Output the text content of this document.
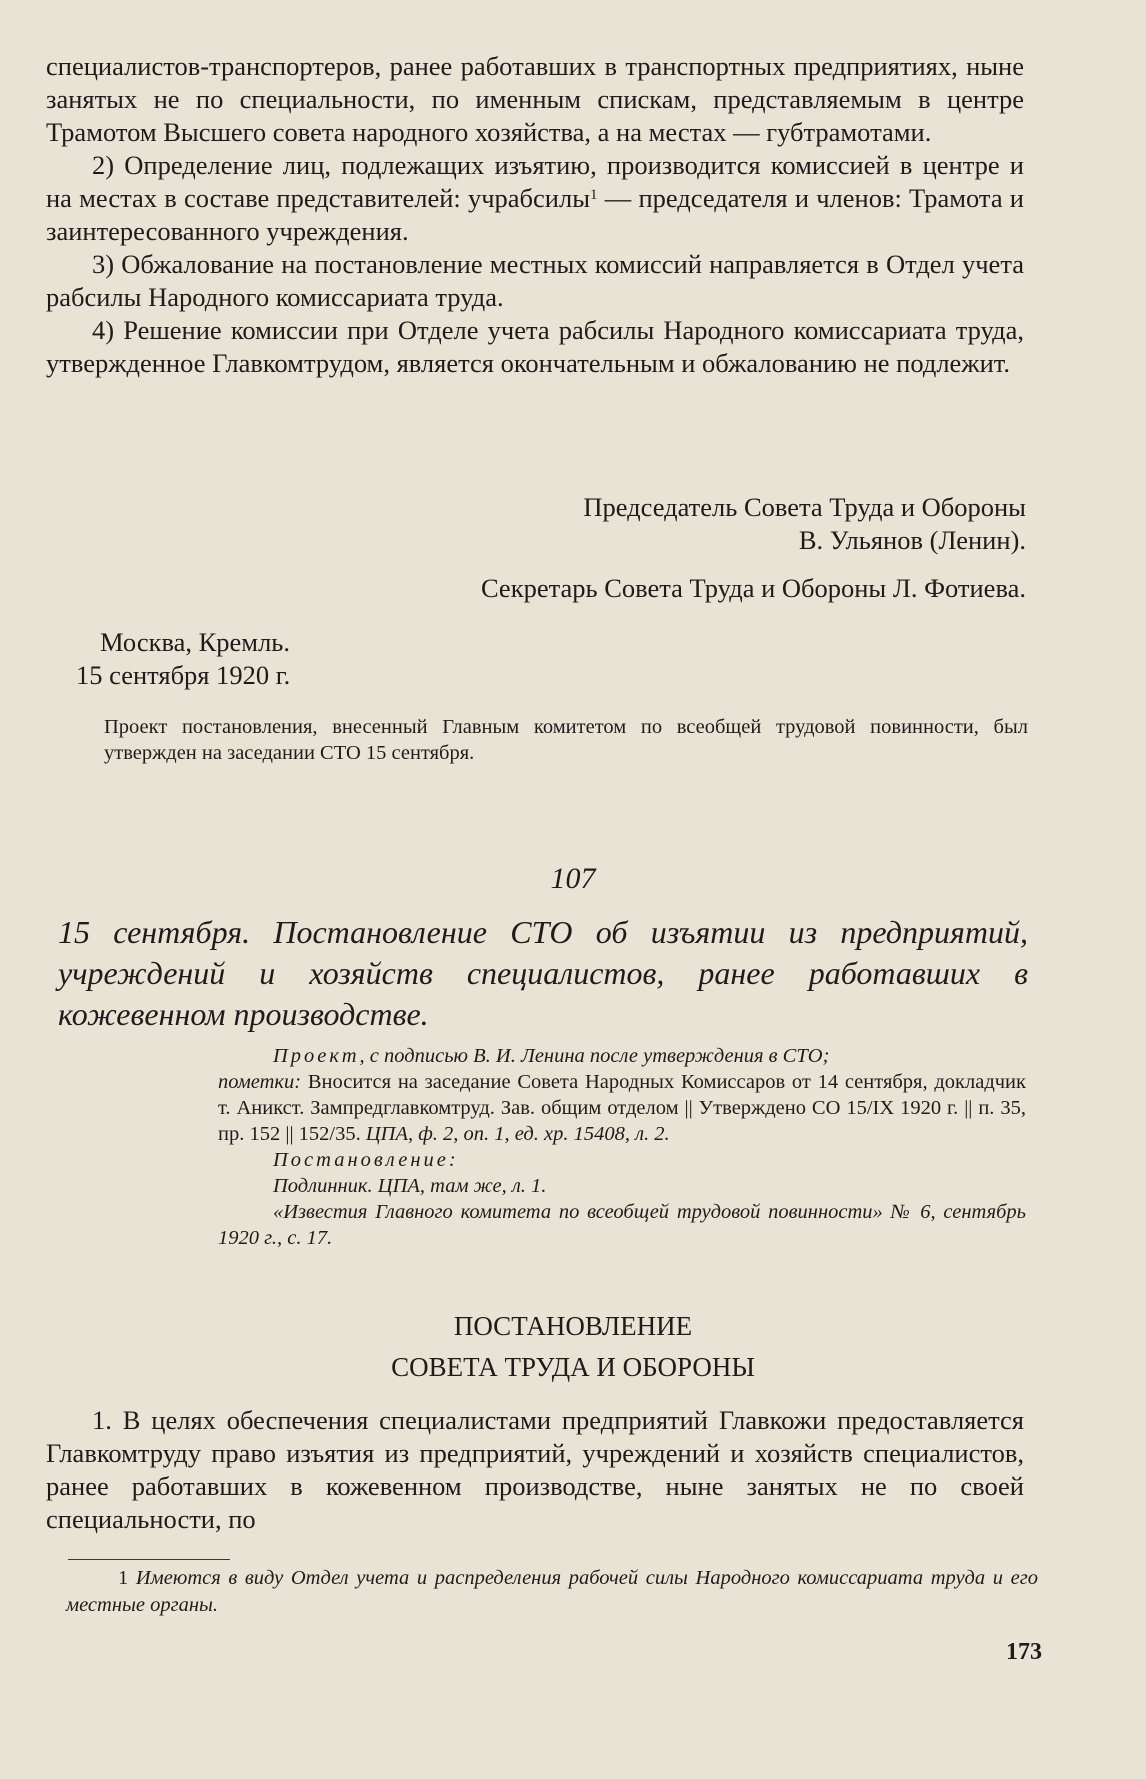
специалистов-транспортеров, ранее работавших в транспортных предприятиях, ныне занятых не по специальности, по именным спискам, представляемым в центре Трамотом Высшего совета народного хозяйства, а на местах — губтрамотами.

2) Определение лиц, подлежащих изъятию, производится комиссией в центре и на местах в составе представителей: учрабсилы$^1$ — председателя и членов: Трамота и заинтересованного учреждения.

3) Обжалование на постановление местных комиссий направляется в Отдел учета рабсилы Народного комиссариата труда.

4) Решение комиссии при Отделе учета рабсилы Народного комиссариата труда, утвержденное Главкомтрудом, является окончательным и обжалованию не подлежит.

Председатель Совета Труда и Обороны
В. Ульянов (Ленин).
Секретарь Совета Труда и Обороны Л. Фотиева.
Москва, Кремль.
15 сентября 1920 г.
Проект постановления, внесенный Главным комитетом по всеобщей трудовой повинности, был утвержден на заседании СТО 15 сентября.
107
15 сентября. Постановление СТО об изъятии из предприятий, учреждений и хозяйств специалистов, ранее работавших в кожевенном производстве.
Проект, с подписью В. И. Ленина после утверждения в СТО;
пометки: Вносится на заседание Совета Народных Комиссаров от 14 сентября, докладчик т. Аникст. Зампредглавкомтруд. Зав. общим отделом || Утверждено СО 15/IX 1920 г. || п. 35, пр. 152 || 152/35. ЦПА, ф. 2, оп. 1, ед. хр. 15408, л. 2.
Постановление:
Подлинник. ЦПА, там же, л. 1.
«Известия Главного комитета по всеобщей трудовой повинности» № 6, сентябрь 1920 г., с. 17.
ПОСТАНОВЛЕНИЕ
СОВЕТА ТРУДА И ОБОРОНЫ

1. В целях обеспечения специалистами предприятий Главкожи предоставляется Главкомтруду право изъятия из предприятий, учреждений и хозяйств специалистов, ранее работавших в кожевенном производстве, ныне занятых не по своей специальности, по

1 Имеются в виду Отдел учета и распределения рабочей силы Народного комиссариата труда и его местные органы.
173
